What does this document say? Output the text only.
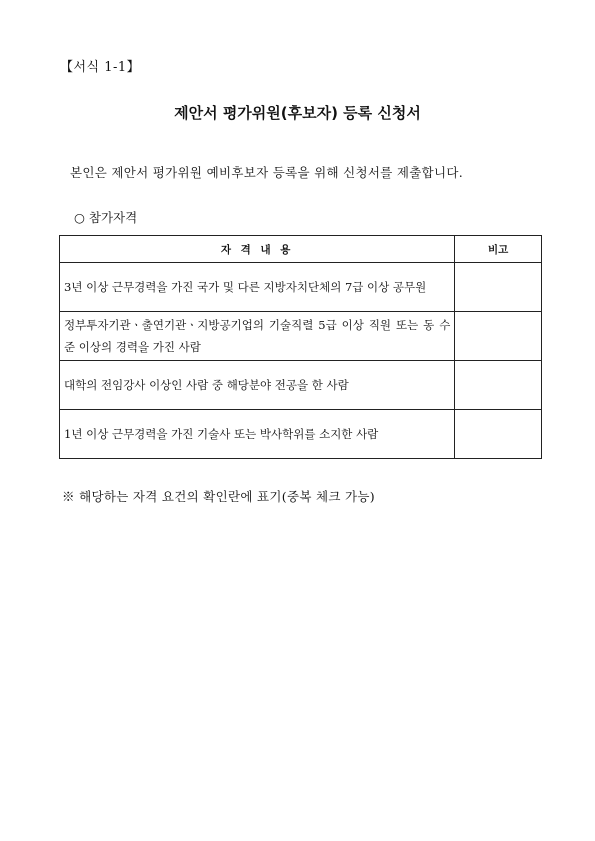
【서식 1-1】
제안서 평가위원(후보자) 등록 신청서
본인은 제안서 평가위원 예비후보자 등록을 위해 신청서를 제출합니다.
○ 참가자격
자 격 내 용	비고
3년 이상 근무경력을 가진 국가 및 다른 지방자치단체의 7급 이상 공무원	
정부투자기관ㆍ출연기관ㆍ지방공기업의 기술직렬 5급 이상 직원 또는 동 수준 이상의 경력을 가진 사람	
대학의 전임강사 이상인 사람 중 해당분야 전공을 한 사람	
1년 이상 근무경력을 가진 기술사 또는 박사학위를 소지한 사람	
※ 해당하는 자격 요건의 확인란에 표기(중복 체크 가능)
